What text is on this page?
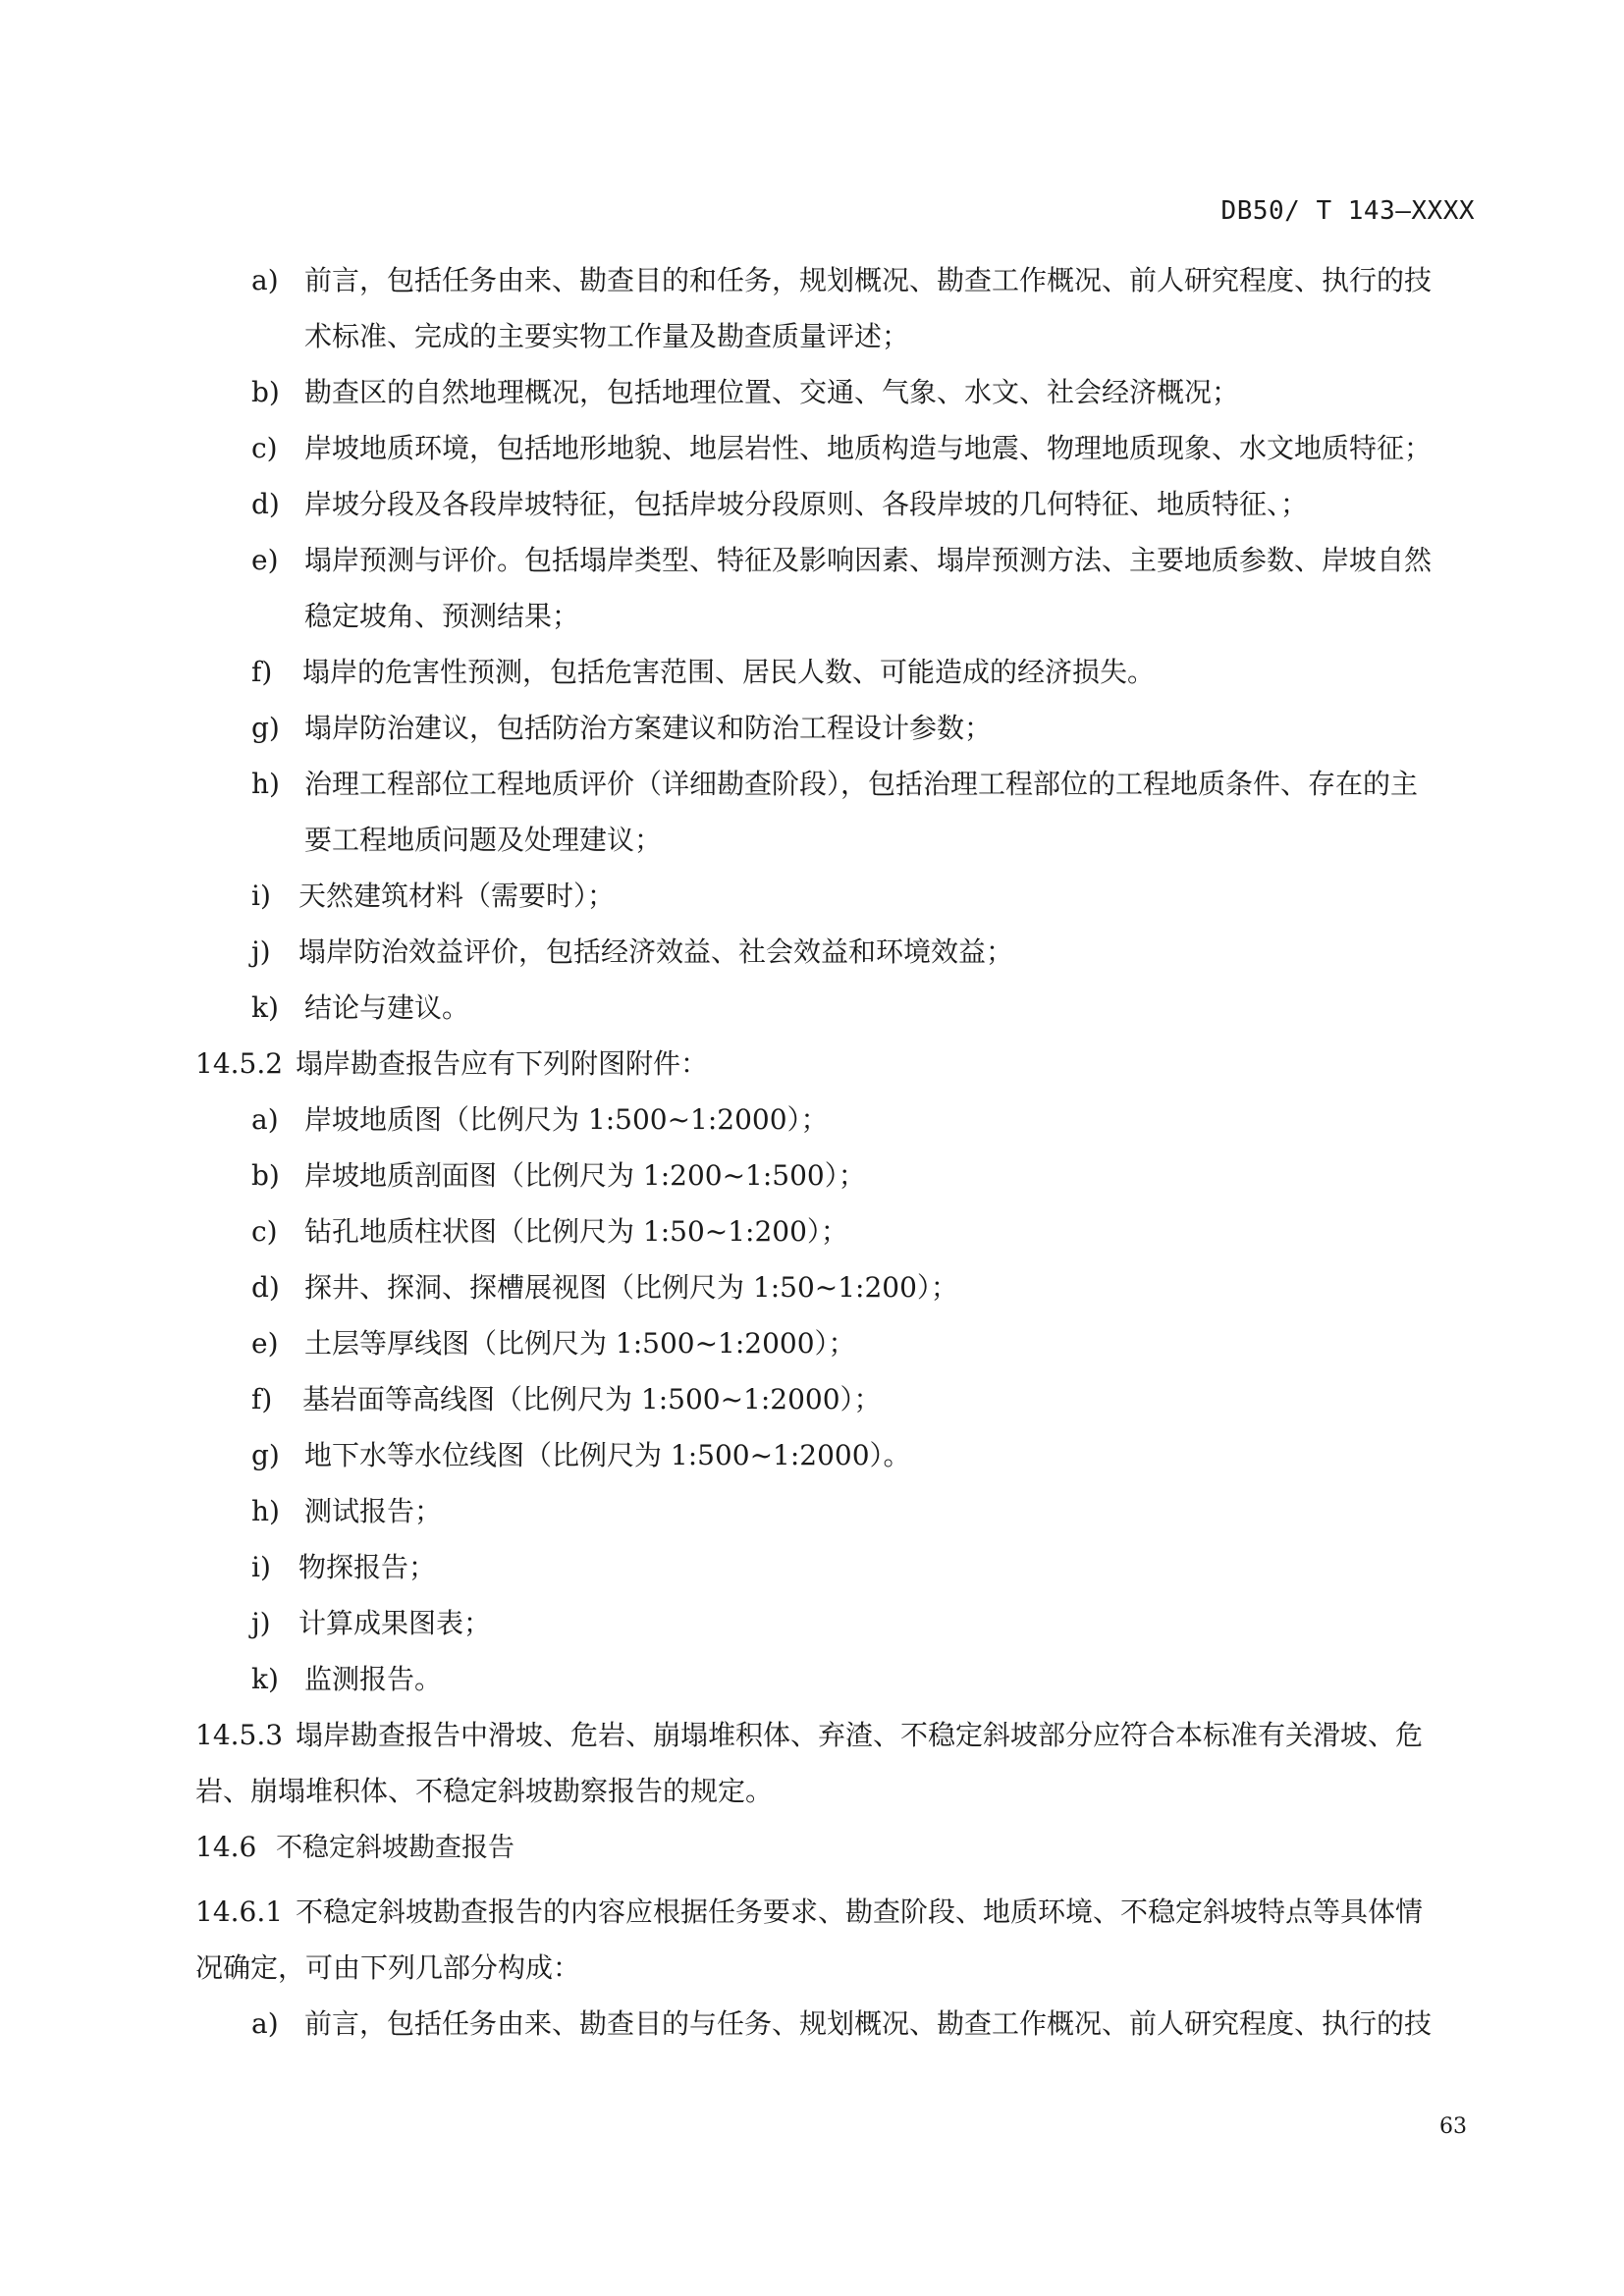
DB50/ T 143—XXXX
a) 前言，包括任务由来、勘查目的和任务，规划概况、勘查工作概况、前人研究程度、执行的技
术标准、完成的主要实物工作量及勘查质量评述；
b) 勘查区的自然地理概况，包括地理位置、交通、气象、水文、社会经济概况；
c) 岸坡地质环境，包括地形地貌、地层岩性、地质构造与地震、物理地质现象、水文地质特征；
d) 岸坡分段及各段岸坡特征，包括岸坡分段原则、各段岸坡的几何特征、地质特征、；
e) 塌岸预测与评价。包括塌岸类型、特征及影响因素、塌岸预测方法、主要地质参数、岸坡自然
稳定坡角、预测结果；
f) 塌岸的危害性预测，包括危害范围、居民人数、可能造成的经济损失。
g) 塌岸防治建议，包括防治方案建议和防治工程设计参数；
h) 治理工程部位工程地质评价（详细勘查阶段），包括治理工程部位的工程地质条件、存在的主
要工程地质问题及处理建议；
i) 天然建筑材料（需要时）；
j) 塌岸防治效益评价，包括经济效益、社会效益和环境效益；
k) 结论与建议。
14.5.2 塌岸勘查报告应有下列附图附件：
a) 岸坡地质图（比例尺为 1:500~1:2000）；
b) 岸坡地质剖面图（比例尺为 1:200~1:500）；
c) 钻孔地质柱状图（比例尺为 1:50~1:200）；
d) 探井、探洞、探槽展视图（比例尺为 1:50~1:200）；
e) 土层等厚线图（比例尺为 1:500~1:2000）；
f) 基岩面等高线图（比例尺为 1:500~1:2000）；
g) 地下水等水位线图（比例尺为 1:500~1:2000）。
h) 测试报告；
i) 物探报告；
j) 计算成果图表；
k) 监测报告。
14.5.3 塌岸勘查报告中滑坡、危岩、崩塌堆积体、弃渣、不稳定斜坡部分应符合本标准有关滑坡、危
岩、崩塌堆积体、不稳定斜坡勘察报告的规定。
14.6 不稳定斜坡勘查报告
14.6.1 不稳定斜坡勘查报告的内容应根据任务要求、勘查阶段、地质环境、不稳定斜坡特点等具体情
况确定，可由下列几部分构成：
a) 前言，包括任务由来、勘查目的与任务、规划概况、勘查工作概况、前人研究程度、执行的技
63
